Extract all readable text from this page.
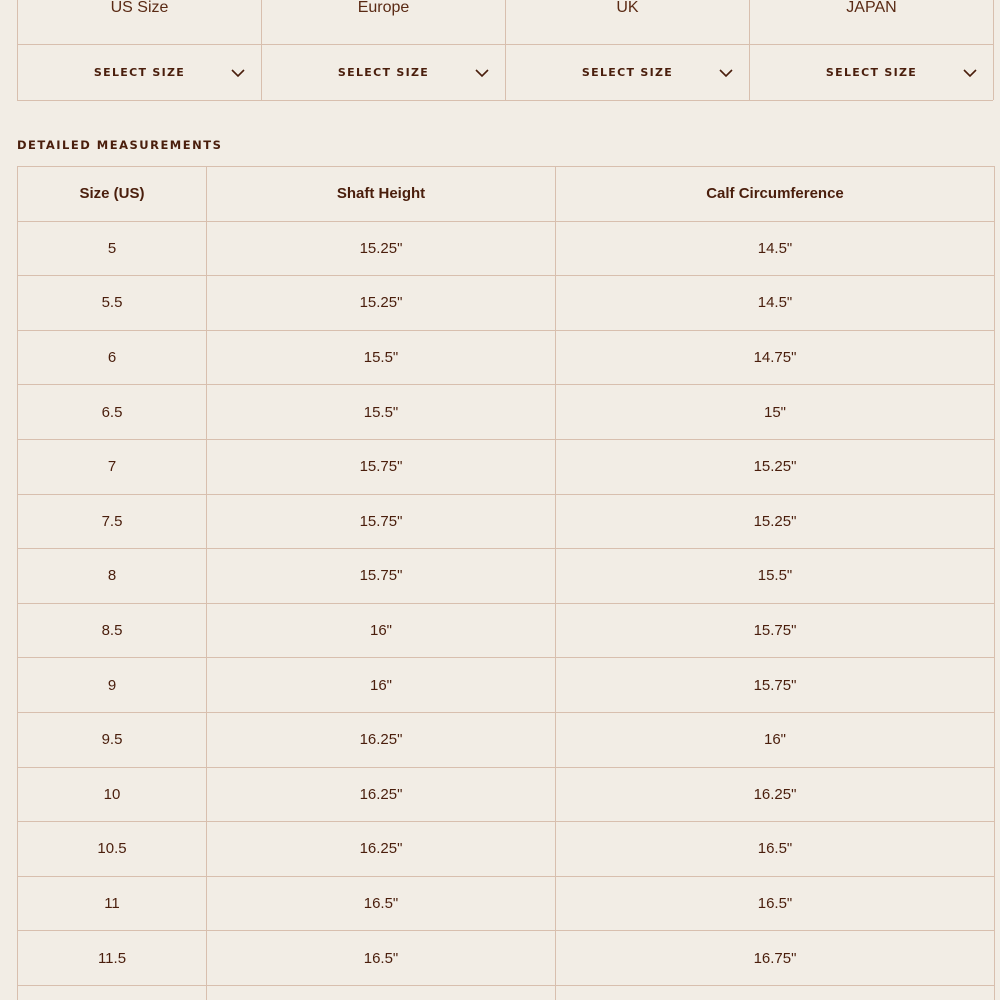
US Size
SELECT SIZE
Europe
SELECT SIZE
UK
SELECT SIZE
JAPAN
SELECT SIZE
DETAILED MEASUREMENTS
Size (US)	Shaft Height	Calf Circumference
5	15.25"	14.5"
5.5	15.25"	14.5"
6	15.5"	14.75"
6.5	15.5"	15"
7	15.75"	15.25"
7.5	15.75"	15.25"
8	15.75"	15.5"
8.5	16"	15.75"
9	16"	15.75"
9.5	16.25"	16"
10	16.25"	16.25"
10.5	16.25"	16.5"
11	16.5"	16.5"
11.5	16.5"	16.75"
